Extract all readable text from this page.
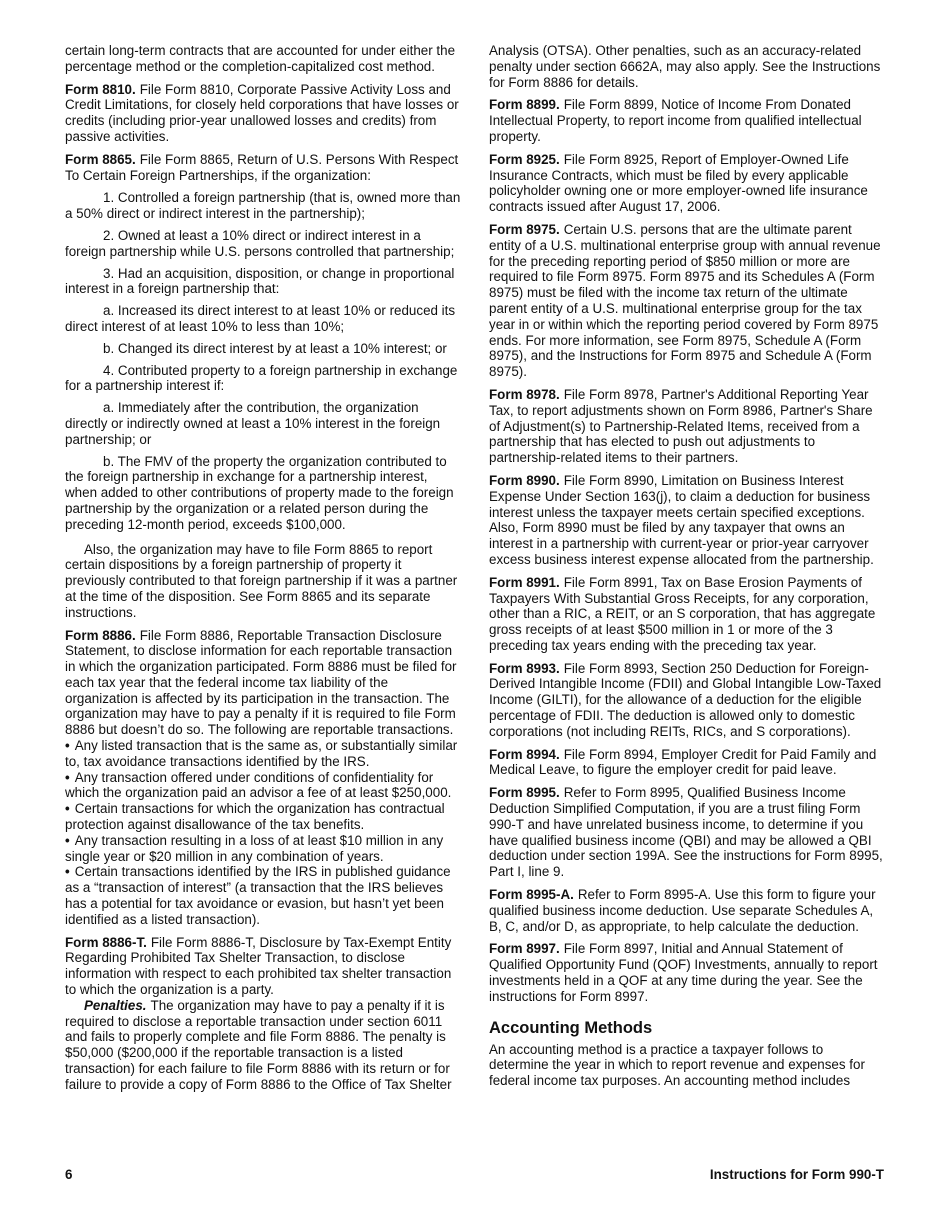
certain long-term contracts that are accounted for under either the percentage method or the completion-capitalized cost method.

Form 8810. File Form 8810, Corporate Passive Activity Loss and Credit Limitations, for closely held corporations that have losses or credits (including prior-year unallowed losses and credits) from passive activities.

Form 8865. File Form 8865, Return of U.S. Persons With Respect To Certain Foreign Partnerships, if the organization:

1. Controlled a foreign partnership (that is, owned more than a 50% direct or indirect interest in the partnership);

2. Owned at least a 10% direct or indirect interest in a foreign partnership while U.S. persons controlled that partnership;

3. Had an acquisition, disposition, or change in proportional interest in a foreign partnership that:

a. Increased its direct interest to at least 10% or reduced its direct interest of at least 10% to less than 10%;

b. Changed its direct interest by at least a 10% interest; or

4. Contributed property to a foreign partnership in exchange for a partnership interest if:

a. Immediately after the contribution, the organization directly or indirectly owned at least a 10% interest in the foreign partnership; or

b. The FMV of the property the organization contributed to the foreign partnership in exchange for a partnership interest, when added to other contributions of property made to the foreign partnership by the organization or a related person during the preceding 12-month period, exceeds $100,000.

Also, the organization may have to file Form 8865 to report certain dispositions by a foreign partnership of property it previously contributed to that foreign partnership if it was a partner at the time of the disposition. See Form 8865 and its separate instructions.

Form 8886. File Form 8886, Reportable Transaction Disclosure Statement, to disclose information for each reportable transaction in which the organization participated. Form 8886 must be filed for each tax year that the federal income tax liability of the organization is affected by its participation in the transaction. The organization may have to pay a penalty if it is required to file Form 8886 but doesn’t do so. The following are reportable transactions.

• Any listed transaction that is the same as, or substantially similar to, tax avoidance transactions identified by the IRS.

• Any transaction offered under conditions of confidentiality for which the organization paid an advisor a fee of at least $250,000.

• Certain transactions for which the organization has contractual protection against disallowance of the tax benefits.

• Any transaction resulting in a loss of at least $10 million in any single year or $20 million in any combination of years.

• Certain transactions identified by the IRS in published guidance as a “transaction of interest” (a transaction that the IRS believes has a potential for tax avoidance or evasion, but hasn’t yet been identified as a listed transaction).

Form 8886-T. File Form 8886-T, Disclosure by Tax-Exempt Entity Regarding Prohibited Tax Shelter Transaction, to disclose information with respect to each prohibited tax shelter transaction to which the organization is a party.

Penalties. The organization may have to pay a penalty if it is required to disclose a reportable transaction under section 6011 and fails to properly complete and file Form 8886. The penalty is $50,000 ($200,000 if the reportable transaction is a listed transaction) for each failure to file Form 8886 with its return or for failure to provide a copy of Form 8886 to the Office of Tax Shelter

Analysis (OTSA). Other penalties, such as an accuracy-related penalty under section 6662A, may also apply. See the Instructions for Form 8886 for details.

Form 8899. File Form 8899, Notice of Income From Donated Intellectual Property, to report income from qualified intellectual property.

Form 8925. File Form 8925, Report of Employer-Owned Life Insurance Contracts, which must be filed by every applicable policyholder owning one or more employer-owned life insurance contracts issued after August 17, 2006.

Form 8975. Certain U.S. persons that are the ultimate parent entity of a U.S. multinational enterprise group with annual revenue for the preceding reporting period of $850 million or more are required to file Form 8975. Form 8975 and its Schedules A (Form 8975) must be filed with the income tax return of the ultimate parent entity of a U.S. multinational enterprise group for the tax year in or within which the reporting period covered by Form 8975 ends. For more information, see Form 8975, Schedule A (Form 8975), and the Instructions for Form 8975 and Schedule A (Form 8975).

Form 8978. File Form 8978, Partner's Additional Reporting Year Tax, to report adjustments shown on Form 8986, Partner's Share of Adjustment(s) to Partnership-Related Items, received from a partnership that has elected to push out adjustments to partnership-related items to their partners.

Form 8990. File Form 8990, Limitation on Business Interest Expense Under Section 163(j), to claim a deduction for business interest unless the taxpayer meets certain specified exceptions. Also, Form 8990 must be filed by any taxpayer that owns an interest in a partnership with current-year or prior-year carryover excess business interest expense allocated from the partnership.

Form 8991. File Form 8991, Tax on Base Erosion Payments of Taxpayers With Substantial Gross Receipts, for any corporation, other than a RIC, a REIT, or an S corporation, that has aggregate gross receipts of at least $500 million in 1 or more of the 3 preceding tax years ending with the preceding tax year.

Form 8993. File Form 8993, Section 250 Deduction for Foreign-Derived Intangible Income (FDII) and Global Intangible Low-Taxed Income (GILTI), for the allowance of a deduction for the eligible percentage of FDII. The deduction is allowed only to domestic corporations (not including REITs, RICs, and S corporations).

Form 8994. File Form 8994, Employer Credit for Paid Family and Medical Leave, to figure the employer credit for paid leave.

Form 8995. Refer to Form 8995, Qualified Business Income Deduction Simplified Computation, if you are a trust filing Form 990-T and have unrelated business income, to determine if you have qualified business income (QBI) and may be allowed a QBI deduction under section 199A. See the instructions for Form 8995, Part I, line 9.

Form 8995-A. Refer to Form 8995-A. Use this form to figure your qualified business income deduction. Use separate Schedules A, B, C, and/or D, as appropriate, to help calculate the deduction.

Form 8997. File Form 8997, Initial and Annual Statement of Qualified Opportunity Fund (QOF) Investments, annually to report investments held in a QOF at any time during the year. See the instructions for Form 8997.

Accounting Methods

An accounting method is a practice a taxpayer follows to determine the year in which to report revenue and expenses for federal income tax purposes. An accounting method includes

6	Instructions for Form 990-T
